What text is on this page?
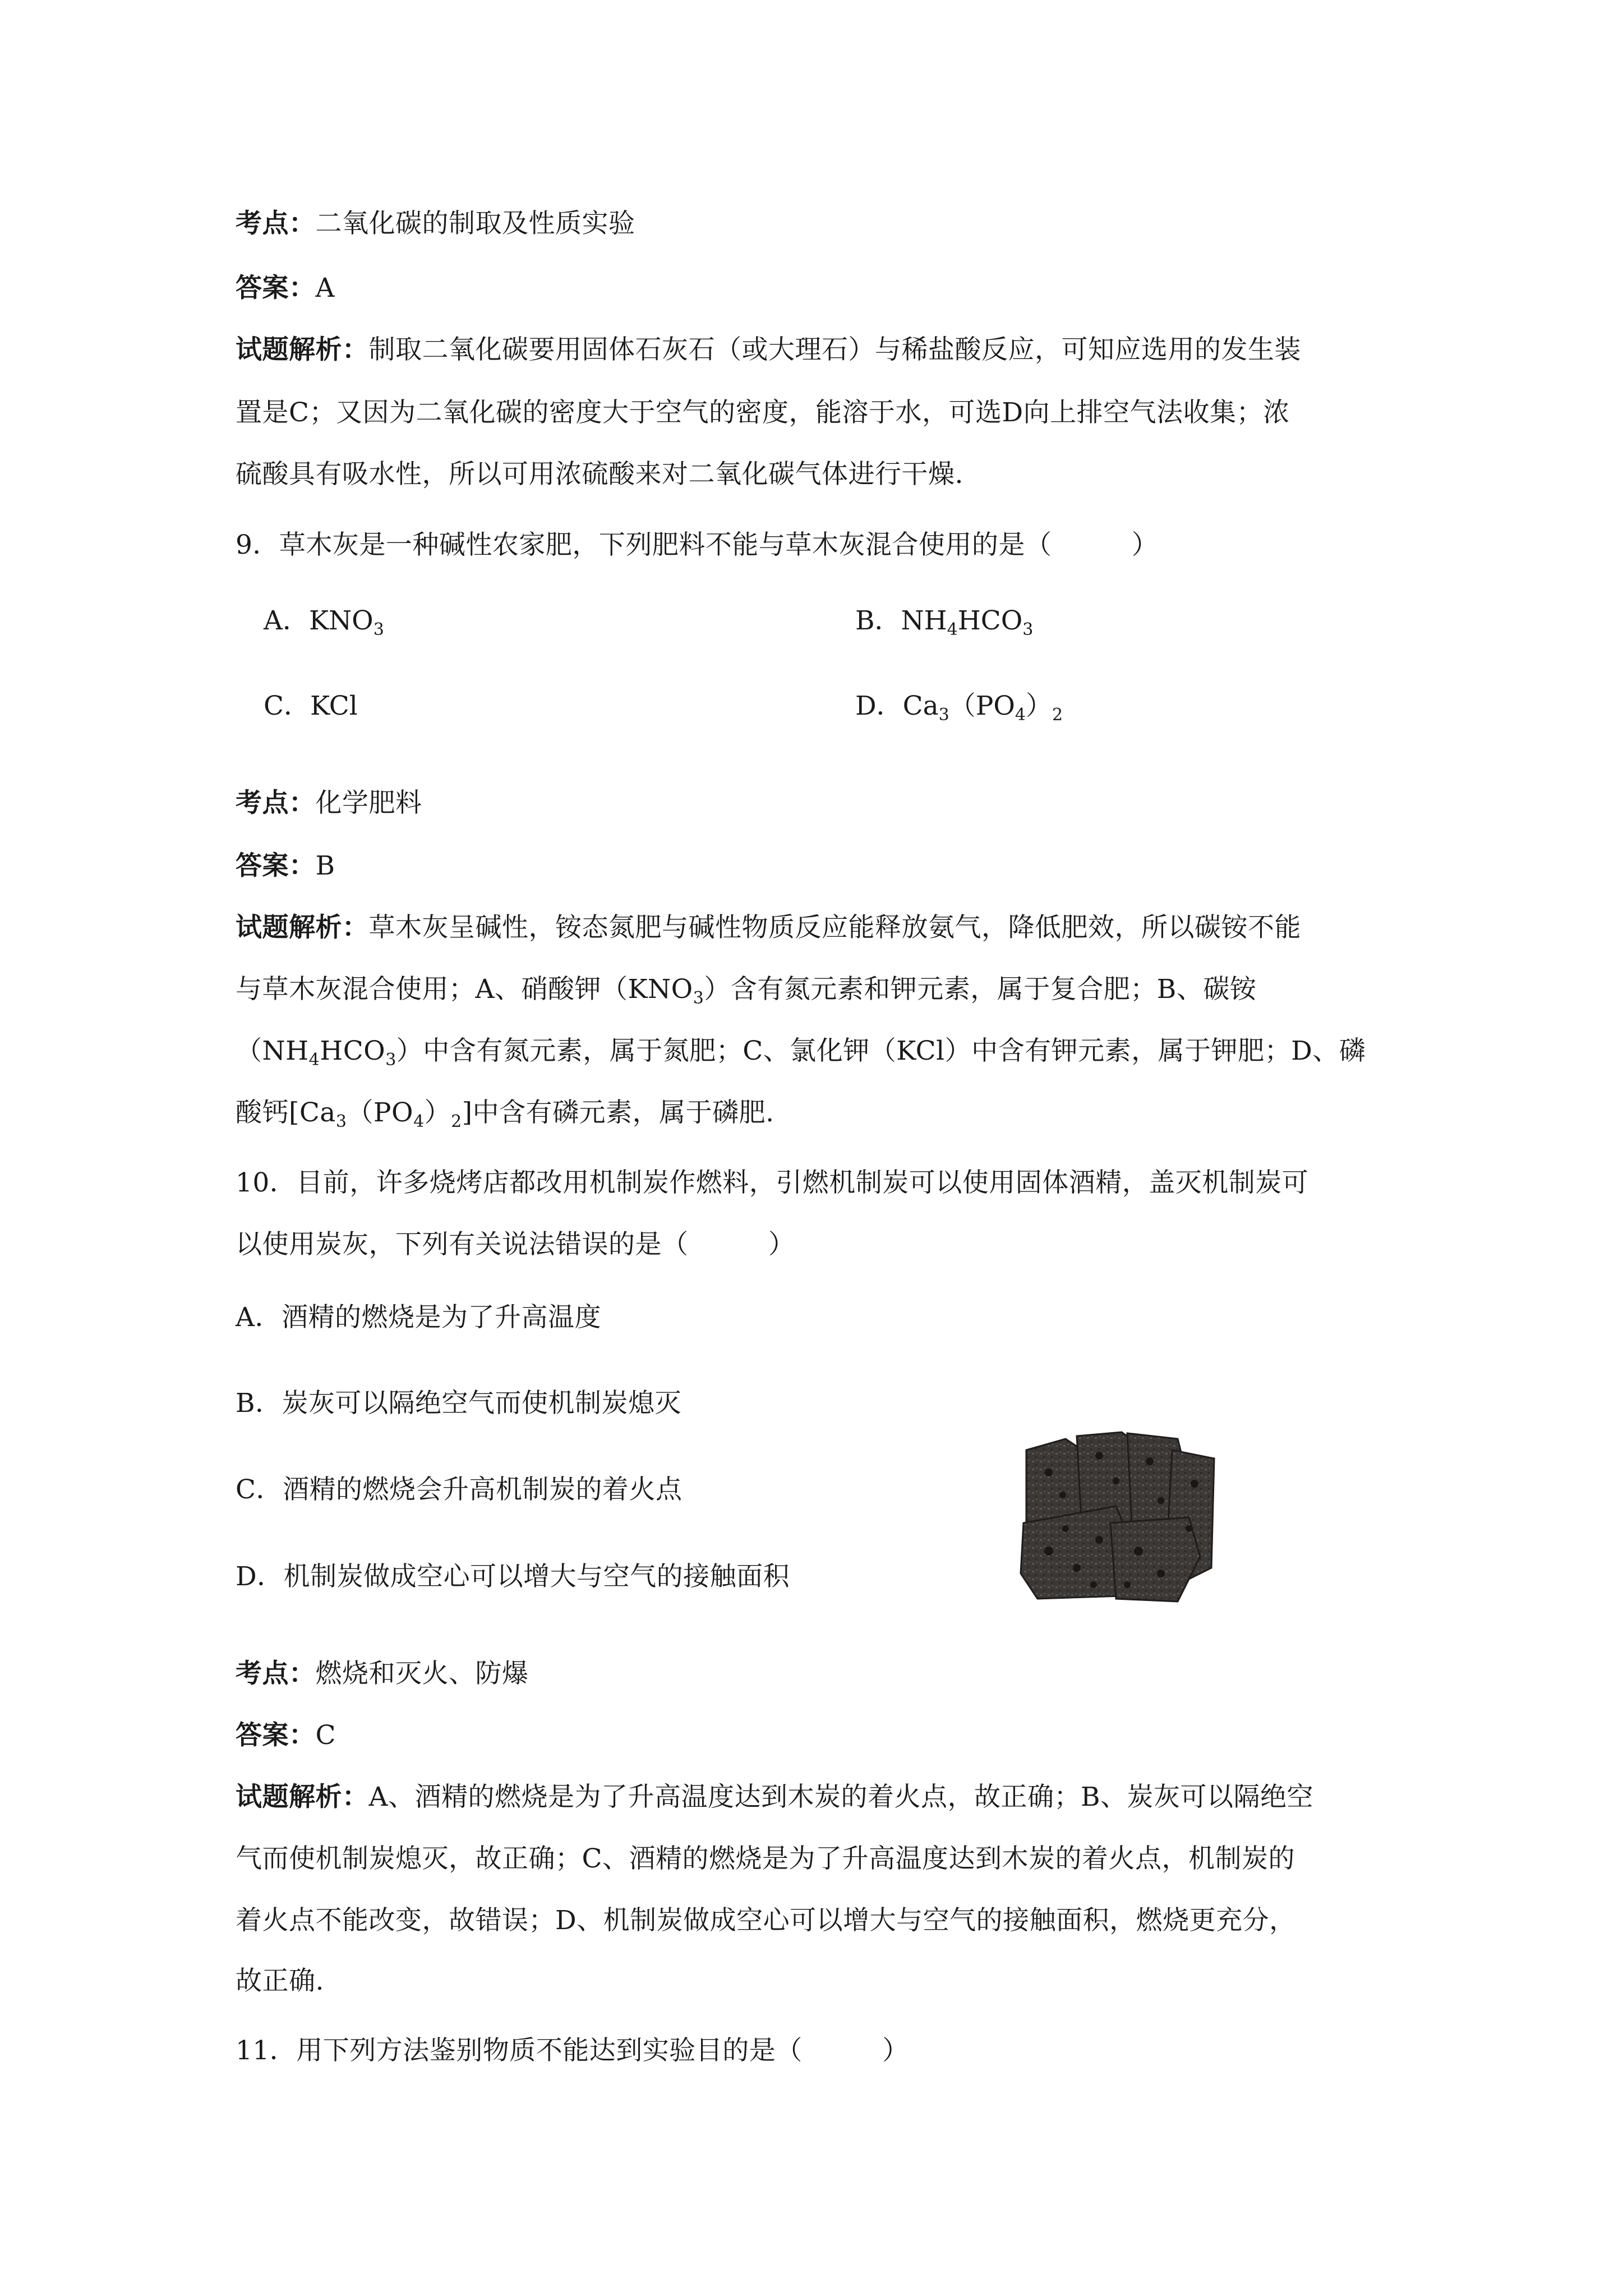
考点：二氧化碳的制取及性质实验
答案：A
试题解析：制取二氧化碳要用固体石灰石（或大理石）与稀盐酸反应，可知应选用的发生装
置是C；又因为二氧化碳的密度大于空气的密度，能溶于水，可选D向上排空气法收集；浓
硫酸具有吸水性，所以可用浓硫酸来对二氧化碳气体进行干燥.
9．草木灰是一种碱性农家肥，下列肥料不能与草木灰混合使用的是（　　　）
A．$KNO_3$	B．$NH_4HCO_3$
C．KCl	D．$Ca_3(PO_4)_2$
考点：化学肥料
答案：B
试题解析：草木灰呈碱性，铵态氮肥与碱性物质反应能释放氨气，降低肥效，所以碳铵不能
与草木灰混合使用；A、硝酸钾$(KNO_3)$含有氮元素和钾元素，属于复合肥；B、碳铵
$(NH_4HCO_3)$中含有氮元素，属于氮肥；C、氯化钾（KCl）中含有钾元素，属于钾肥；D、磷
酸钙$[Ca_3(PO_4)_2]$中含有磷元素，属于磷肥.
10．目前，许多烧烤店都改用机制炭作燃料，引燃机制炭可以使用固体酒精，盖灭机制炭可
以使用炭灰，下列有关说法错误的是（　　　）
A．酒精的燃烧是为了升高温度
B．炭灰可以隔绝空气而使机制炭熄灭
C．酒精的燃烧会升高机制炭的着火点
D．机制炭做成空心可以增大与空气的接触面积
考点：燃烧和灭火、防爆
答案：C
试题解析：A、酒精的燃烧是为了升高温度达到木炭的着火点，故正确；B、炭灰可以隔绝空
气而使机制炭熄灭，故正确；C、酒精的燃烧是为了升高温度达到木炭的着火点，机制炭的
着火点不能改变，故错误；D、机制炭做成空心可以增大与空气的接触面积，燃烧更充分，
故正确.
11．用下列方法鉴别物质不能达到实验目的是（　　　）
